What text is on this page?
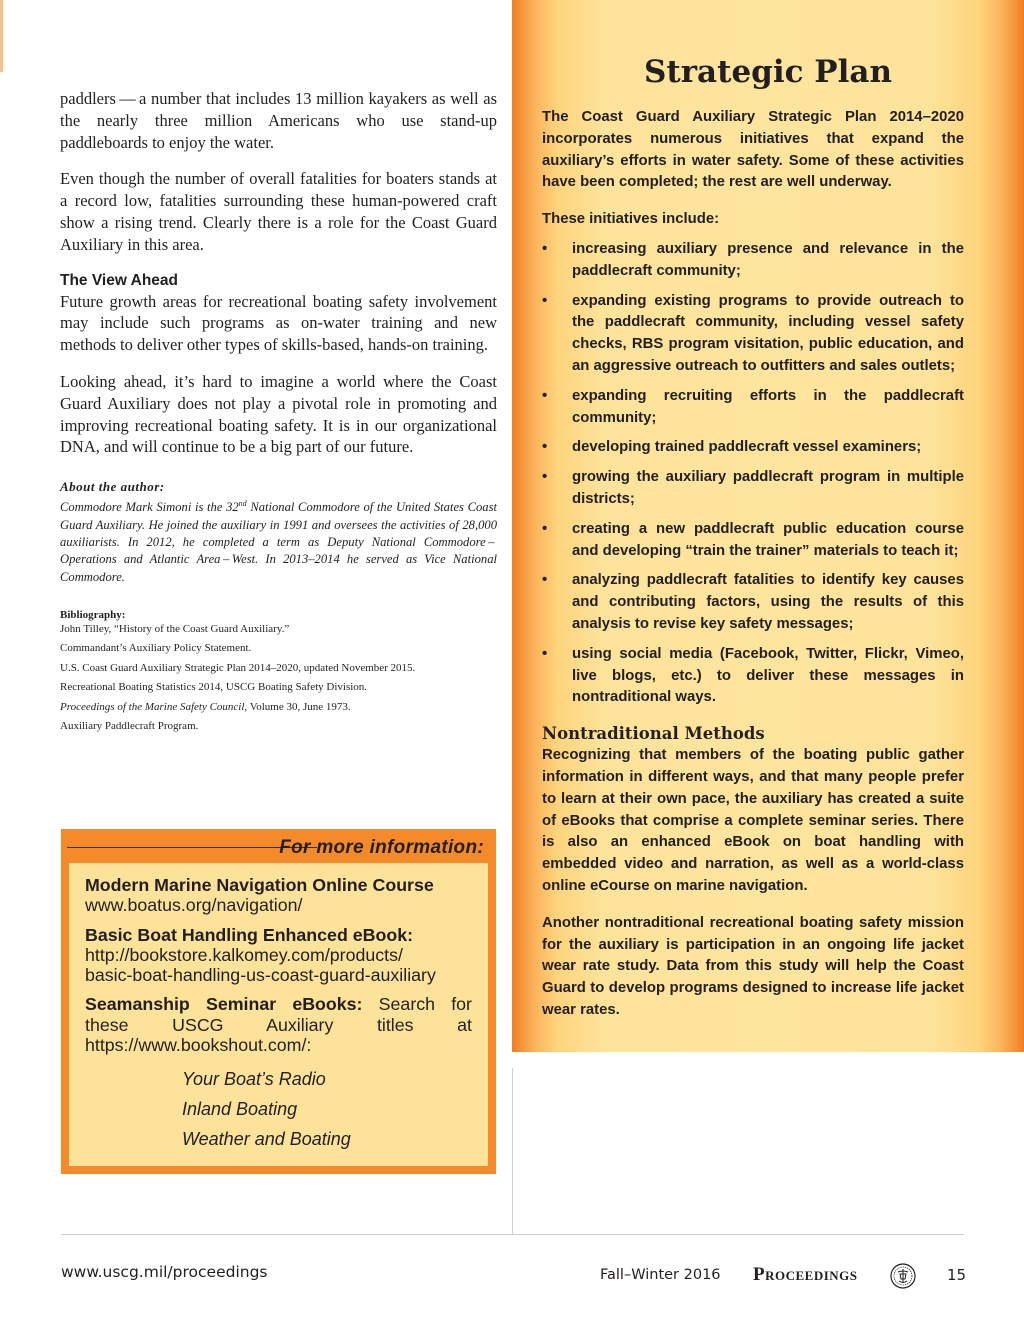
paddlers — a number that includes 13 million kayakers as well as the nearly three million Americans who use stand-up paddleboards to enjoy the water.

Even though the number of overall fatalities for boaters stands at a record low, fatalities surrounding these human-powered craft show a rising trend. Clearly there is a role for the Coast Guard Auxiliary in this area.

The View Ahead

Future growth areas for recreational boating safety involvement may include such programs as on-water training and new methods to deliver other types of skills-based, hands-on training.

Looking ahead, it’s hard to imagine a world where the Coast Guard Auxiliary does not play a pivotal role in promoting and improving recreational boating safety. It is in our organizational DNA, and will continue to be a big part of our future.

About the author:

Commodore Mark Simoni is the 32nd National Commodore of the United States Coast Guard Auxiliary. He joined the auxiliary in 1991 and oversees the activities of 28,000 auxiliarists. In 2012, he completed a term as Deputy National Commodore – Operations and Atlantic Area – West. In 2013–2014 he served as Vice National Commodore.

Bibliography:
John Tilley, “History of the Coast Guard Auxiliary.”
Commandant’s Auxiliary Policy Statement.
U.S. Coast Guard Auxiliary Strategic Plan 2014–2020, updated November 2015.
Recreational Boating Statistics 2014, USCG Boating Safety Division.
Proceedings of the Marine Safety Council, Volume 30, June 1973.
Auxiliary Paddlecraft Program.
For more information:
Modern Marine Navigation Online Course
www.boatus.org/navigation/
Basic Boat Handling Enhanced eBook:
http://bookstore.kalkomey.com/products/
basic-boat-handling-us-coast-guard-auxiliary
Seamanship Seminar eBooks: Search for these USCG Auxiliary titles at https://www.bookshout.com/:
Your Boat’s Radio
Inland Boating
Weather and Boating
Strategic Plan

The Coast Guard Auxiliary Strategic Plan 2014–2020 incorporates numerous initiatives that expand the auxiliary’s efforts in water safety. Some of these activities have been completed; the rest are well underway.

These initiatives include:

• increasing auxiliary presence and relevance in the paddlecraft community;
• expanding existing programs to provide outreach to the paddlecraft community, including vessel safety checks, RBS program visitation, public education, and an aggressive outreach to outfitters and sales outlets;
• expanding recruiting efforts in the paddlecraft community;
• developing trained paddlecraft vessel examiners;
• growing the auxiliary paddlecraft program in multiple districts;
• creating a new paddlecraft public education course and developing “train the trainer” materials to teach it;
• analyzing paddlecraft fatalities to identify key causes and contributing factors, using the results of this analysis to revise key safety messages;
• using social media (Facebook, Twitter, Flickr, Vimeo, live blogs, etc.) to deliver these messages in nontraditional ways.
Nontraditional Methods

Recognizing that members of the boating public gather information in different ways, and that many people prefer to learn at their own pace, the auxiliary has created a suite of eBooks that comprise a complete seminar series. There is also an enhanced eBook on boat handling with embedded video and narration, as well as a world-class online eCourse on marine navigation.

Another nontraditional recreational boating safety mission for the auxiliary is participation in an ongoing life jacket wear rate study. Data from this study will help the Coast Guard to develop programs designed to increase life jacket wear rates.

www.uscg.mil/proceedings	Fall–Winter 2016 Proceedings	15
